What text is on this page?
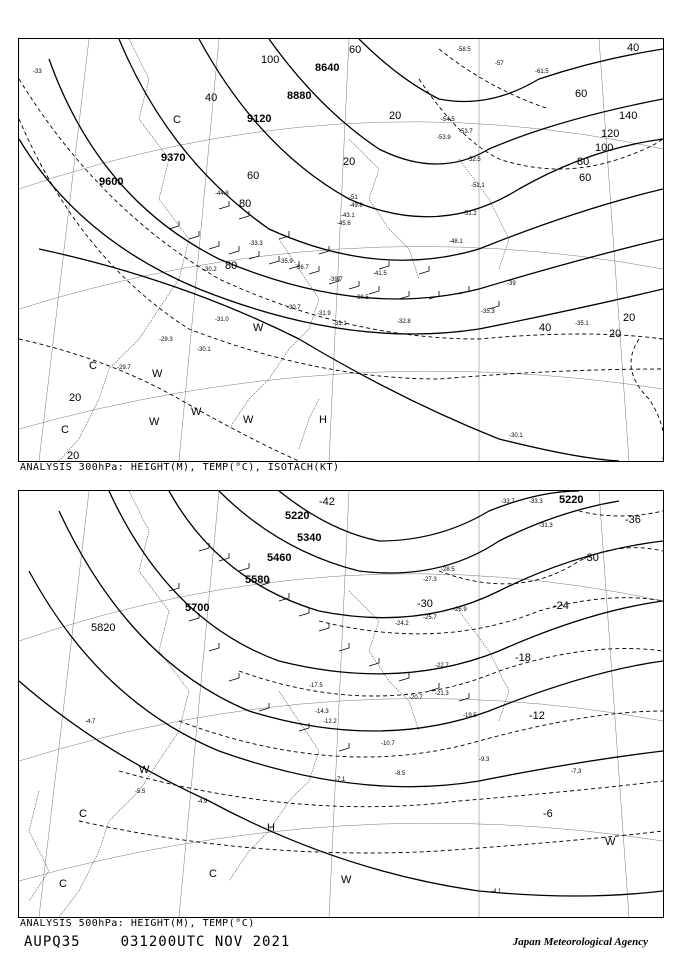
8640
8880
9120
9370
9600
60
100
40
60
140
120
100
80
60
40
20
20
60
80
80
40
20
20
20
20
-54.5
-53.7
-53.9
-52.5
-52.1
-51.2
-51
-49.8
-48.1
-45.6
-44.8
-43.1
-41.5
-39.7
-38.5
-36.7
-35.9
-35.1
-35.3
-33.3
-32.8
-31.9
-31.1
-31.0
-30.7
-30.2
-29.3
-30.1
-29.7
-57
-58.5
-61.5
-39
-33
W
W
W
W
W
C
C
H
C
-30.1
ANALYSIS 300hPa: HEIGHT(M), TEMP(°C), ISOTACH(KT)
5220
5220
5340
5460
5580
5700
5820
-36
-30
-30	-24
-18
-12
-6
-42	-33.7 -33.3
-31.3
-28.5
-27.3
-26.9
-25.7
-24.2
-22.7
-21.3
-20.7
-19.5
-17.5
-14.3
-12.2
-10.7
-9.3
-8.5	-7.3
-7.1
-5.5
-4.7
-4.9
-4.1
W
W
W
C
C
H
C
ANALYSIS 500hPa: HEIGHT(M), TEMP(°C)
AUPQ35	031200UTC NOV 2021	Japan Meteorological Agency
